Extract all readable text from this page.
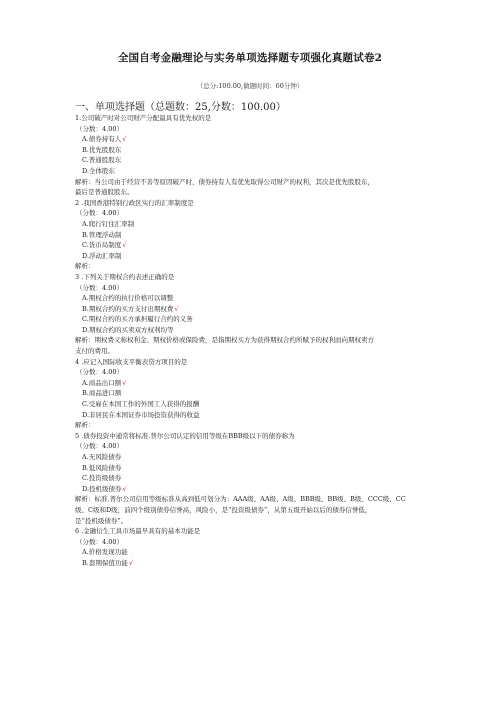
全国自考金融理论与实务单项选择题专项强化真题试卷2
（总分:100.00,做题时间：60分钟）
一、单项选择题（总题数：25,分数：100.00）
1.公司破产时对公司财产分配最具有优先权的是
（分数：4.00）
A.债券持有人√
B.优先股股东
C.普通股股东
D.全体股东
解析：当公司由于经营不善等原因破产时，债券持有人有优先取得公司财产的权利，其次是优先股股东，
最后是普通股股东。
2 .我国香港特别行政区实行的汇率制度是
（分数：4.00）
A.爬行钉住汇率制
B.管理浮动制
C.货币局制度√
D.浮动汇率制
解析：
3 .下列关于期权合约表述正确的是
（分数：4.00）
A.期权合约的执行价格可以调整
B.期权合约的买方支付出期权费√
C.期权合约的买方承担履行合约的义务
D.期权合约的买卖双方权利均等
解析：期权费又称权利金、期权价格或保险费，是指期权买方为获得期权合约所赋予的权利而向期权卖方
支付的费用。
4 .应记入国际收支平衡表贷方项目的是
（分数：4.00）
A.商品出口额√
B.商品进口额
C.受雇在本国工作的外国工人获得的报酬
D.非居民在本国证券市场投资获得的收益
解析：
5 .债券投资中通常将标准.普尔公司认定的信用等级在BBB级以下的债券称为
（分数：4.00）
A.无风险债券
B.低风险债券
C.投资级债券
D.投机级债券√
解析：标准.普尔公司信用等级标准从高到低可划分为：AAA级、AA级、A级、BBB级、BB级、B级、CCC级、CC
级、C级和D级，前四个级别债券信誉高，风险小，是“投资级债券”，从第五级开始以后的债券信誉低，
是“投机级债券”。
6 .金融衍生工具市场最早具有的基本功能是
（分数：4.00）
A.价格发现功能
B.套期保值功能√
